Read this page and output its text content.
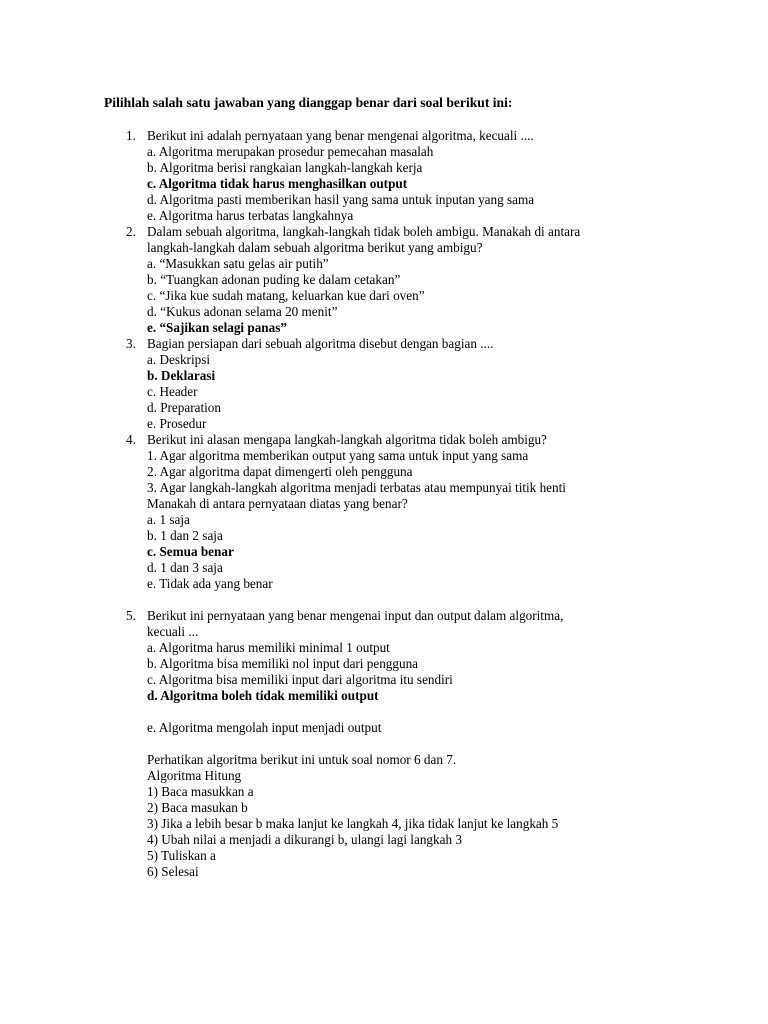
Pilihlah salah satu jawaban yang dianggap benar dari soal berikut ini:

1. Berikut ini adalah pernyataan yang benar mengenai algoritma, kecuali ....
a. Algoritma merupakan prosedur pemecahan masalah
b. Algoritma berisi rangkaian langkah-langkah kerja
c. Algoritma tidak harus menghasilkan output
d. Algoritma pasti memberikan hasil yang sama untuk inputan yang sama
e. Algoritma harus terbatas langkahnya
2. Dalam sebuah algoritma, langkah-langkah tidak boleh ambigu. Manakah di antara
langkah-langkah dalam sebuah algoritma berikut yang ambigu?
a. “Masukkan satu gelas air putih”
b. “Tuangkan adonan puding ke dalam cetakan”
c. “Jika kue sudah matang, keluarkan kue dari oven”
d. “Kukus adonan selama 20 menit”
e. “Sajikan selagi panas”
3. Bagian persiapan dari sebuah algoritma disebut dengan bagian ....
a. Deskripsi
b. Deklarasi
c. Header
d. Preparation
e. Prosedur
4. Berikut ini alasan mengapa langkah-langkah algoritma tidak boleh ambigu?
1. Agar algoritma memberikan output yang sama untuk input yang sama
2. Agar algoritma dapat dimengerti oleh pengguna
3. Agar langkah-langkah algoritma menjadi terbatas atau mempunyai titik henti
Manakah di antara pernyataan diatas yang benar?
a. 1 saja
b. 1 dan 2 saja
c. Semua benar
d. 1 dan 3 saja
e. Tidak ada yang benar
5. Berikut ini pernyataan yang benar mengenai input dan output dalam algoritma,
kecuali ...
a. Algoritma harus memiliki minimal 1 output
b. Algoritma bisa memiliki nol input dari pengguna
c. Algoritma bisa memiliki input dari algoritma itu sendiri
d. Algoritma boleh tidak memiliki output
e. Algoritma mengolah input menjadi output
Perhatikan algoritma berikut ini untuk soal nomor 6 dan 7.
Algoritma Hitung
1) Baca masukkan a
2) Baca masukan b
3) Jika a lebih besar b maka lanjut ke langkah 4, jika tidak lanjut ke langkah 5
4) Ubah nilai a menjadi a dikurangi b, ulangi lagi langkah 3
5) Tuliskan a
6) Selesai
